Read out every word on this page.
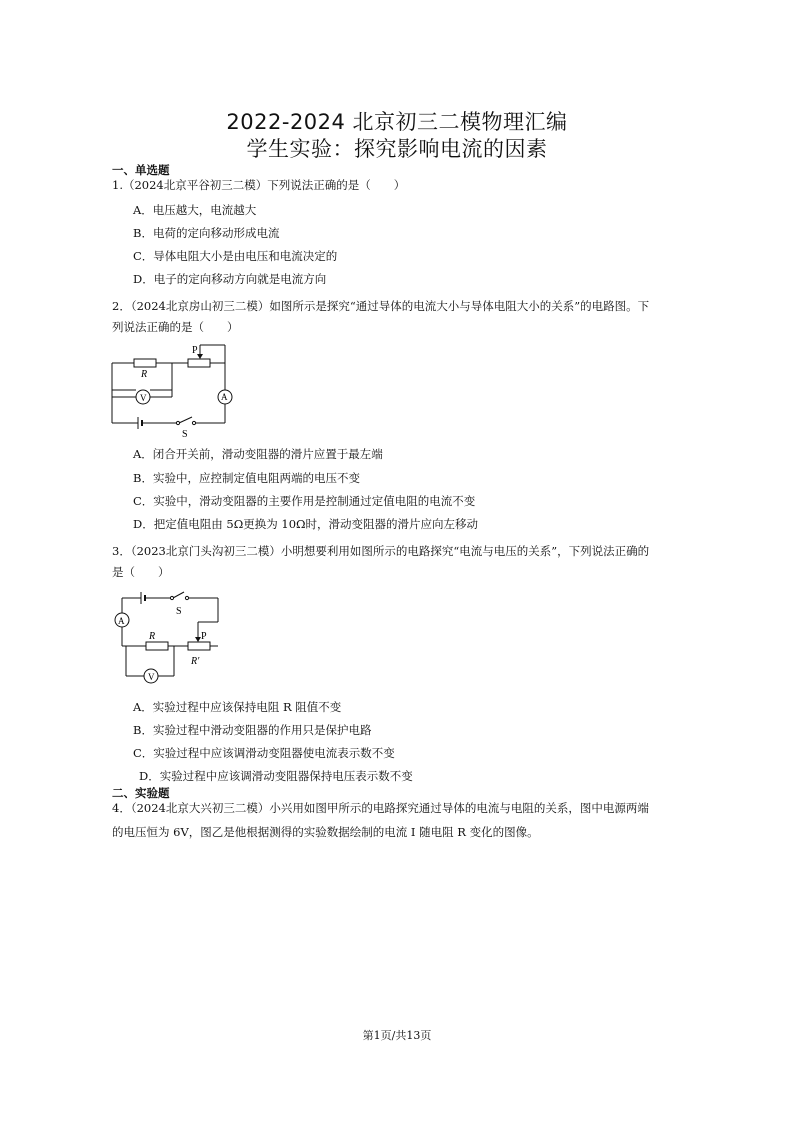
2022-2024 北京初三二模物理汇编
学生实验：探究影响电流的因素
一、单选题
1.（2024北京平谷初三二模）下列说法正确的是（　　）
A．电压越大，电流越大
B．电荷的定向移动形成电流
C．导体电阻大小是由电压和电流决定的
D．电子的定向移动方向就是电流方向
2．（2024北京房山初三二模）如图所示是探究“通过导体的电流大小与导体电阻大小的关系”的电路图。下
列说法正确的是（　　）
P
R
V	A
S
A．闭合开关前，滑动变阻器的滑片应置于最左端
B．实验中，应控制定值电阻两端的电压不变
C．实验中，滑动变阻器的主要作用是控制通过定值电阻的电流不变
D．把定值电阻由 5Ω更换为 10Ω时，滑动变阻器的滑片应向左移动
3．（2023北京门头沟初三二模）小明想要利用如图所示的电路探究“电流与电压的关系”，下列说法正确的
是（　　）
S
A
R	P
R′
V
A．实验过程中应该保持电阻 R 阻值不变
B．实验过程中滑动变阻器的作用只是保护电路
C．实验过程中应该调滑动变阻器使电流表示数不变
D．实验过程中应该调滑动变阻器保持电压表示数不变
二、实验题
4．（2024北京大兴初三二模）小兴用如图甲所示的电路探究通过导体的电流与电阻的关系，图中电源两端
的电压恒为 6V，图乙是他根据测得的实验数据绘制的电流 I 随电阻 R 变化的图像。
第1页/共13页
